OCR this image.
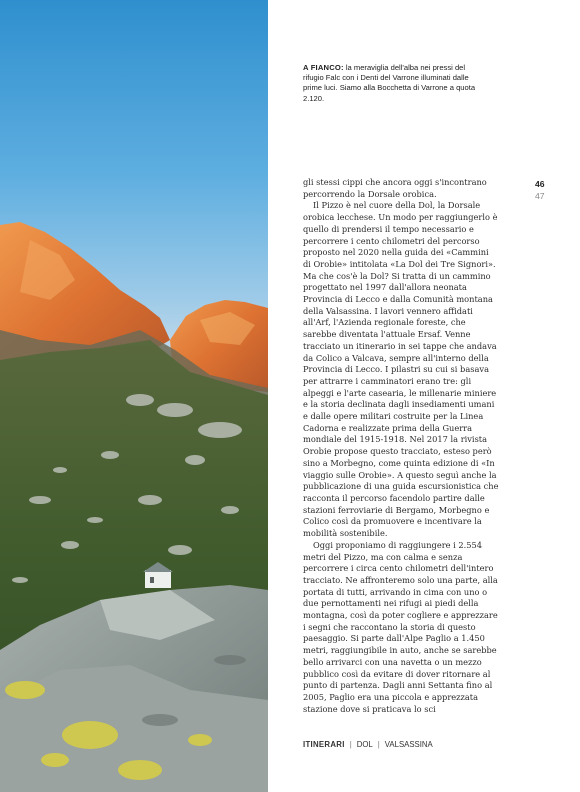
A FIANCO: la meraviglia dell'alba nei pressi del rifugio Falc con i Denti del Varrone illuminati dalle prime luci. Siamo alla Bocchetta di Varrone a quota 2.120.
46
47

gli stessi cippi che ancora oggi s'incontrano percorrendo la Dorsale orobica.

Il Pizzo è nel cuore della Dol, la Dorsale orobica lecchese. Un modo per raggiungerlo è quello di prendersi il tempo necessario e percorrere i cento chilometri del percorso proposto nel 2020 nella guida dei «Cammini di Orobie» intitolata «La Dol dei Tre Signori». Ma che cos'è la Dol? Si tratta di un cammino progettato nel 1997 dall'allora neonata Provincia di Lecco e dalla Comunità montana della Valsassina. I lavori vennero affidati all'Arf, l'Azienda regionale foreste, che sarebbe diventata l'attuale Ersaf. Venne tracciato un itinerario in sei tappe che andava da Colico a Valcava, sempre all'interno della Provincia di Lecco. I pilastri su cui si basava per attrarre i camminatori erano tre: gli alpeggi e l'arte casearia, le millenarie miniere e la storia declinata dagli insediamenti umani e dalle opere militari costruite per la Linea Cadorna e realizzate prima della Guerra mondiale del 1915-1918. Nel 2017 la rivista Orobie propose questo tracciato, esteso però sino a Morbegno, come quinta edizione di «In viaggio sulle Orobie». A questo seguì anche la pubblicazione di una guida escursionistica che racconta il percorso facendolo partire dalle stazioni ferroviarie di Bergamo, Morbegno e Colico così da promuovere e incentivare la mobilità sostenibile.

Oggi proponiamo di raggiungere i 2.554 metri del Pizzo, ma con calma e senza percorrere i circa cento chilometri dell'intero tracciato. Ne affronteremo solo una parte, alla portata di tutti, arrivando in cima con uno o due pernottamenti nei rifugi ai piedi della montagna, così da poter cogliere e apprezzare i segni che raccontano la storia di questo paesaggio. Si parte dall'Alpe Paglio a 1.450 metri, raggiungibile in auto, anche se sarebbe bello arrivarci con una navetta o un mezzo pubblico così da evitare di dover ritornare al punto di partenza. Dagli anni Settanta fino al 2005, Paglio era una piccola e apprezzata stazione dove si praticava lo sci

ITINERARI | DOL | VALSASSINA
